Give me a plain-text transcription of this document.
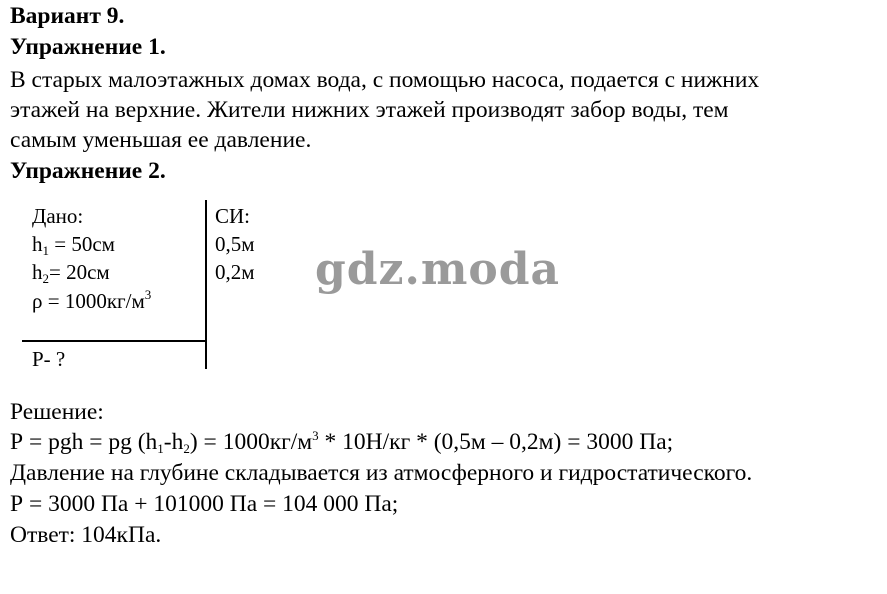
Вариант 9.
Упражнение 1.
В старых малоэтажных домах вода, с помощью насоса, подается с нижних
этажей на верхние. Жители нижних этажей производят забор воды, тем
самым уменьшая ее давление.
Упражнение 2.
Дано:
$h_1 = 50см$
$h_2= 20см$
$\rho = 1000кг/м^3$
Р- ?
СИ:
0,5м
0,2м gdz.moda
Решение:
Р = pgh = pg $(h_1-h_2) = 1000кг/м^3 * 10Н/кг * (0,5м - 0,2м) = 3000$ Па;
Давление на глубине складывается из атмосферного и гидростатического.
Р = 3000 Па + 101000 Па = 104 000 Па;
Ответ: 104кПа.
